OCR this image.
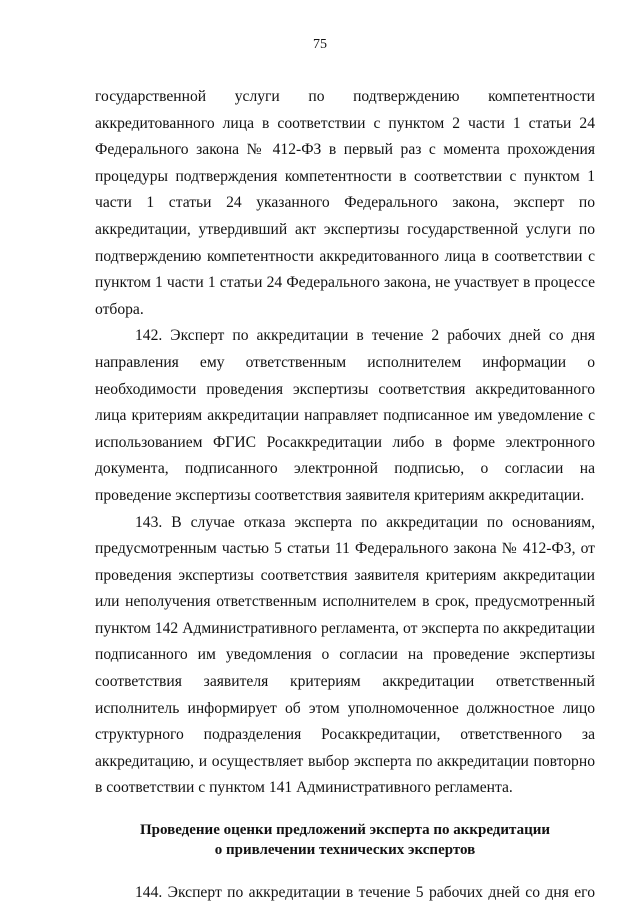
75

государственной услуги по подтверждению компетентности аккредитованного лица в соответствии с пунктом 2 части 1 статьи 24 Федерального закона № 412-ФЗ в первый раз с момента прохождения процедуры подтверждения компетентности в соответствии с пунктом 1 части 1 статьи 24 указанного Федерального закона, эксперт по аккредитации, утвердивший акт экспертизы государственной услуги по подтверждению компетентности аккредитованного лица в соответствии с пунктом 1 части 1 статьи 24 Федерального закона, не участвует в процессе отбора.

142. Эксперт по аккредитации в течение 2 рабочих дней со дня направления ему ответственным исполнителем информации о необходимости проведения экспертизы соответствия аккредитованного лица критериям аккредитации направляет подписанное им уведомление с использованием ФГИС Росаккредитации либо в форме электронного документа, подписанного электронной подписью, о согласии на проведение экспертизы соответствия заявителя критериям аккредитации.

143. В случае отказа эксперта по аккредитации по основаниям, предусмотренным частью 5 статьи 11 Федерального закона № 412-ФЗ, от проведения экспертизы соответствия заявителя критериям аккредитации или неполучения ответственным исполнителем в срок, предусмотренный пунктом 142 Административного регламента, от эксперта по аккредитации подписанного им уведомления о согласии на проведение экспертизы соответствия заявителя критериям аккредитации ответственный исполнитель информирует об этом уполномоченное должностное лицо структурного подразделения Росаккредитации, ответственного за аккредитацию, и осуществляет выбор эксперта по аккредитации повторно в соответствии с пунктом 141 Административного регламента.

Проведение оценки предложений эксперта по аккредитации
о привлечении технических экспертов

144. Эксперт по аккредитации в течение 5 рабочих дней со дня его
